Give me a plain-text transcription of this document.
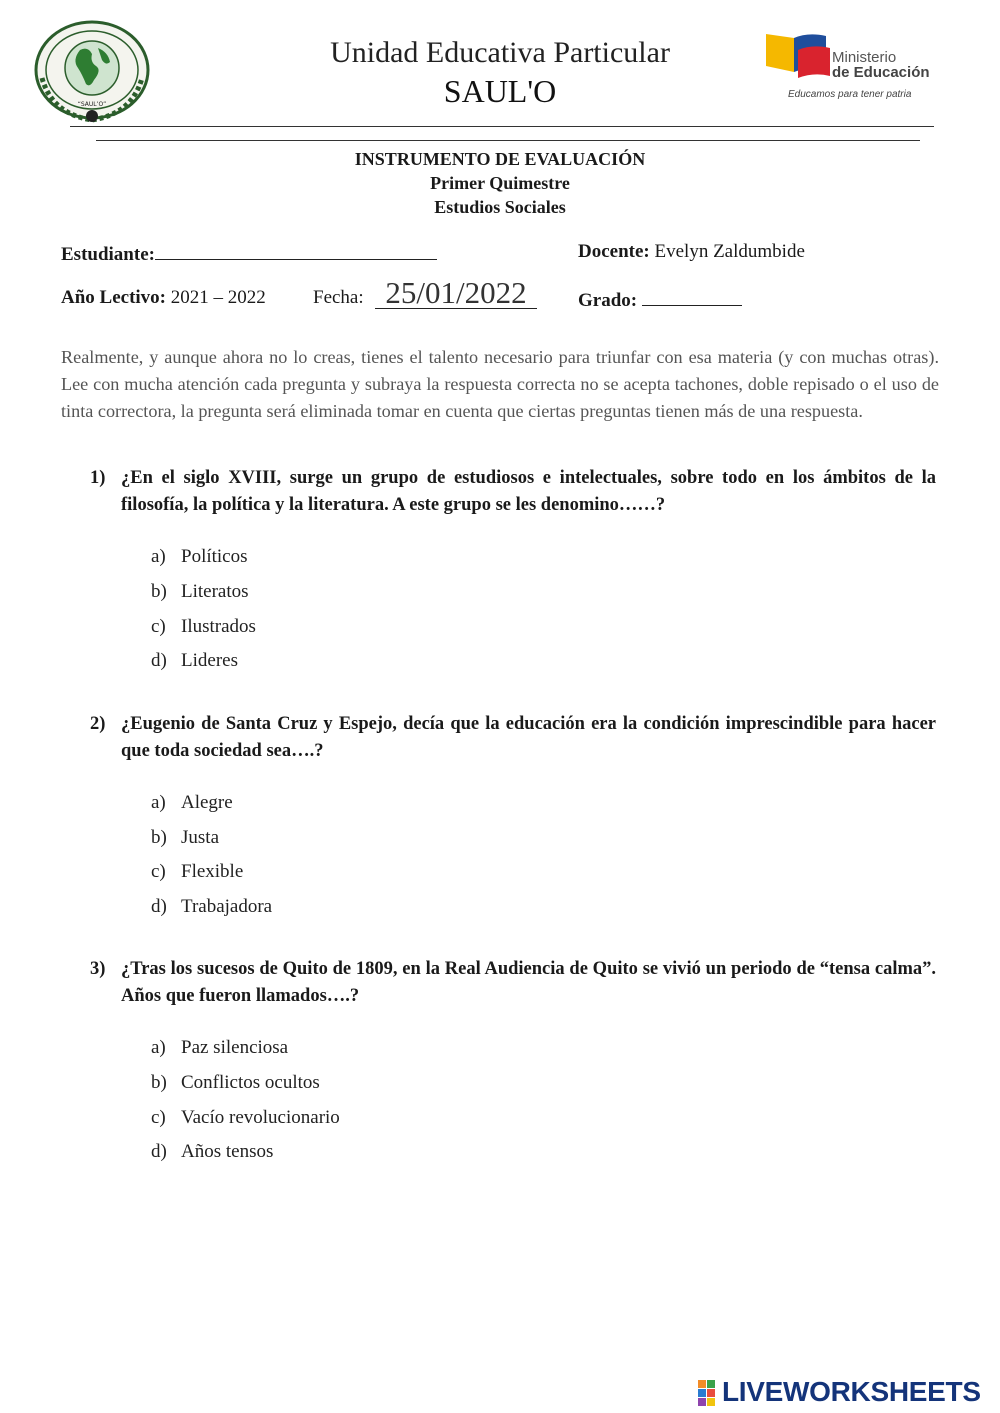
“SAUL’O”
Unidad Educativa Particular
SAUL'O
Ministerio
de Educación
Educamos para tener patria
INSTRUMENTO DE EVALUACIÓN
Primer Quimestre
Estudios Sociales
Estudiante:	Docente: Evelyn Zaldumbide
Año Lectivo: 2021 – 2022 Fecha: 25/01/2022	Grado:
Realmente, y aunque ahora no lo creas, tienes el talento necesario para triunfar con esa materia (y con muchas otras). Lee con mucha atención cada pregunta y subraya la respuesta correcta no se acepta tachones, doble repisado o el uso de tinta correctora, la pregunta será eliminada tomar en cuenta que ciertas preguntas tienen más de una respuesta.
1) ¿En el siglo XVIII, surge un grupo de estudiosos e intelectuales, sobre todo en los ámbitos de la filosofía, la política y la literatura. A este grupo se les denomino……?
a) Políticos
b) Literatos
c) Ilustrados
d) Lideres
2) ¿Eugenio de Santa Cruz y Espejo, decía que la educación era la condición imprescindible para hacer que toda sociedad sea….?
a) Alegre
b) Justa
c) Flexible
d) Trabajadora
3) ¿Tras los sucesos de Quito de 1809, en la Real Audiencia de Quito se vivió un periodo de “tensa calma”. Años que fueron llamados….?
a) Paz silenciosa
b) Conflictos ocultos
c) Vacío revolucionario
d) Años tensos
LIVEWORKSHEETS
